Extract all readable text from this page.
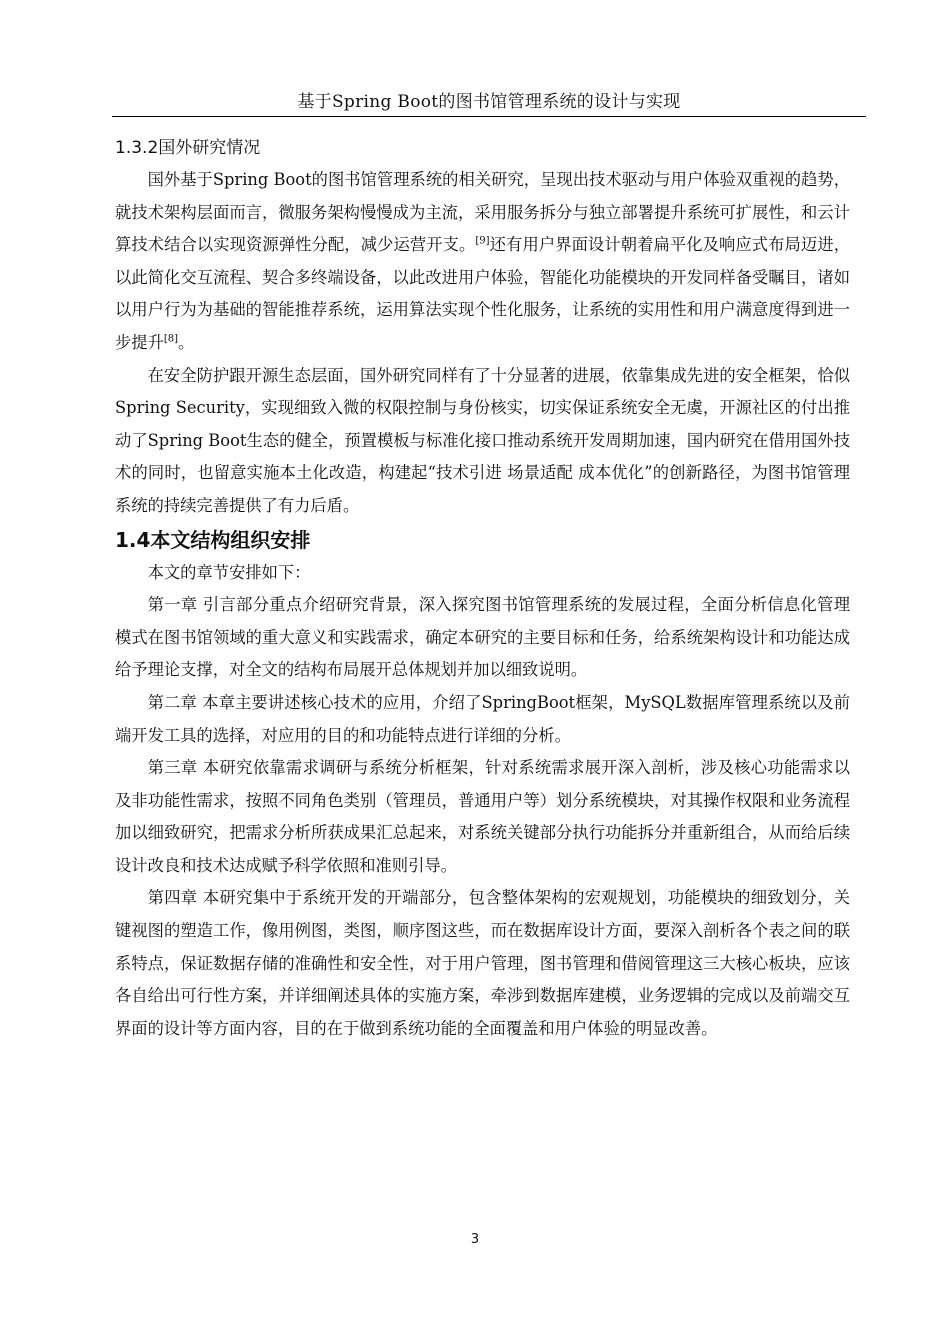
基于Spring Boot的图书馆管理系统的设计与实现
1.3.2国外研究情况

国外基于Spring Boot的图书馆管理系统的相关研究，呈现出技术驱动与用户体验双重视的趋势，就技术架构层面而言，微服务架构慢慢成为主流，采用服务拆分与独立部署提升系统可扩展性，和云计算技术结合以实现资源弹性分配，减少运营开支。[9]还有用户界面设计朝着扁平化及响应式布局迈进，以此简化交互流程、契合多终端设备，以此改进用户体验，智能化功能模块的开发同样备受瞩目，诸如以用户行为为基础的智能推荐系统，运用算法实现个性化服务，让系统的实用性和用户满意度得到进一步提升[8]。

在安全防护跟开源生态层面，国外研究同样有了十分显著的进展，依靠集成先进的安全框架，恰似Spring Security，实现细致入微的权限控制与身份核实，切实保证系统安全无虞，开源社区的付出推动了Spring Boot生态的健全，预置模板与标准化接口推动系统开发周期加速，国内研究在借用国外技术的同时，也留意实施本土化改造，构建起“技术引进 场景适配 成本优化”的创新路径，为图书馆管理系统的持续完善提供了有力后盾。

1.4本文结构组织安排

本文的章节安排如下：

第一章 引言部分重点介绍研究背景，深入探究图书馆管理系统的发展过程，全面分析信息化管理模式在图书馆领域的重大意义和实践需求，确定本研究的主要目标和任务，给系统架构设计和功能达成给予理论支撑，对全文的结构布局展开总体规划并加以细致说明。

第二章 本章主要讲述核心技术的应用，介绍了SpringBoot框架，MySQL数据库管理系统以及前端开发工具的选择，对应用的目的和功能特点进行详细的分析。

第三章 本研究依靠需求调研与系统分析框架，针对系统需求展开深入剖析，涉及核心功能需求以及非功能性需求，按照不同角色类别（管理员，普通用户等）划分系统模块，对其操作权限和业务流程加以细致研究，把需求分析所获成果汇总起来，对系统关键部分执行功能拆分并重新组合，从而给后续设计改良和技术达成赋予科学依照和准则引导。

第四章 本研究集中于系统开发的开端部分，包含整体架构的宏观规划，功能模块的细致划分，关键视图的塑造工作，像用例图，类图，顺序图这些，而在数据库设计方面，要深入剖析各个表之间的联系特点，保证数据存储的准确性和安全性，对于用户管理，图书管理和借阅管理这三大核心板块，应该各自给出可行性方案，并详细阐述具体的实施方案，牵涉到数据库建模，业务逻辑的完成以及前端交互界面的设计等方面内容，目的在于做到系统功能的全面覆盖和用户体验的明显改善。

3
